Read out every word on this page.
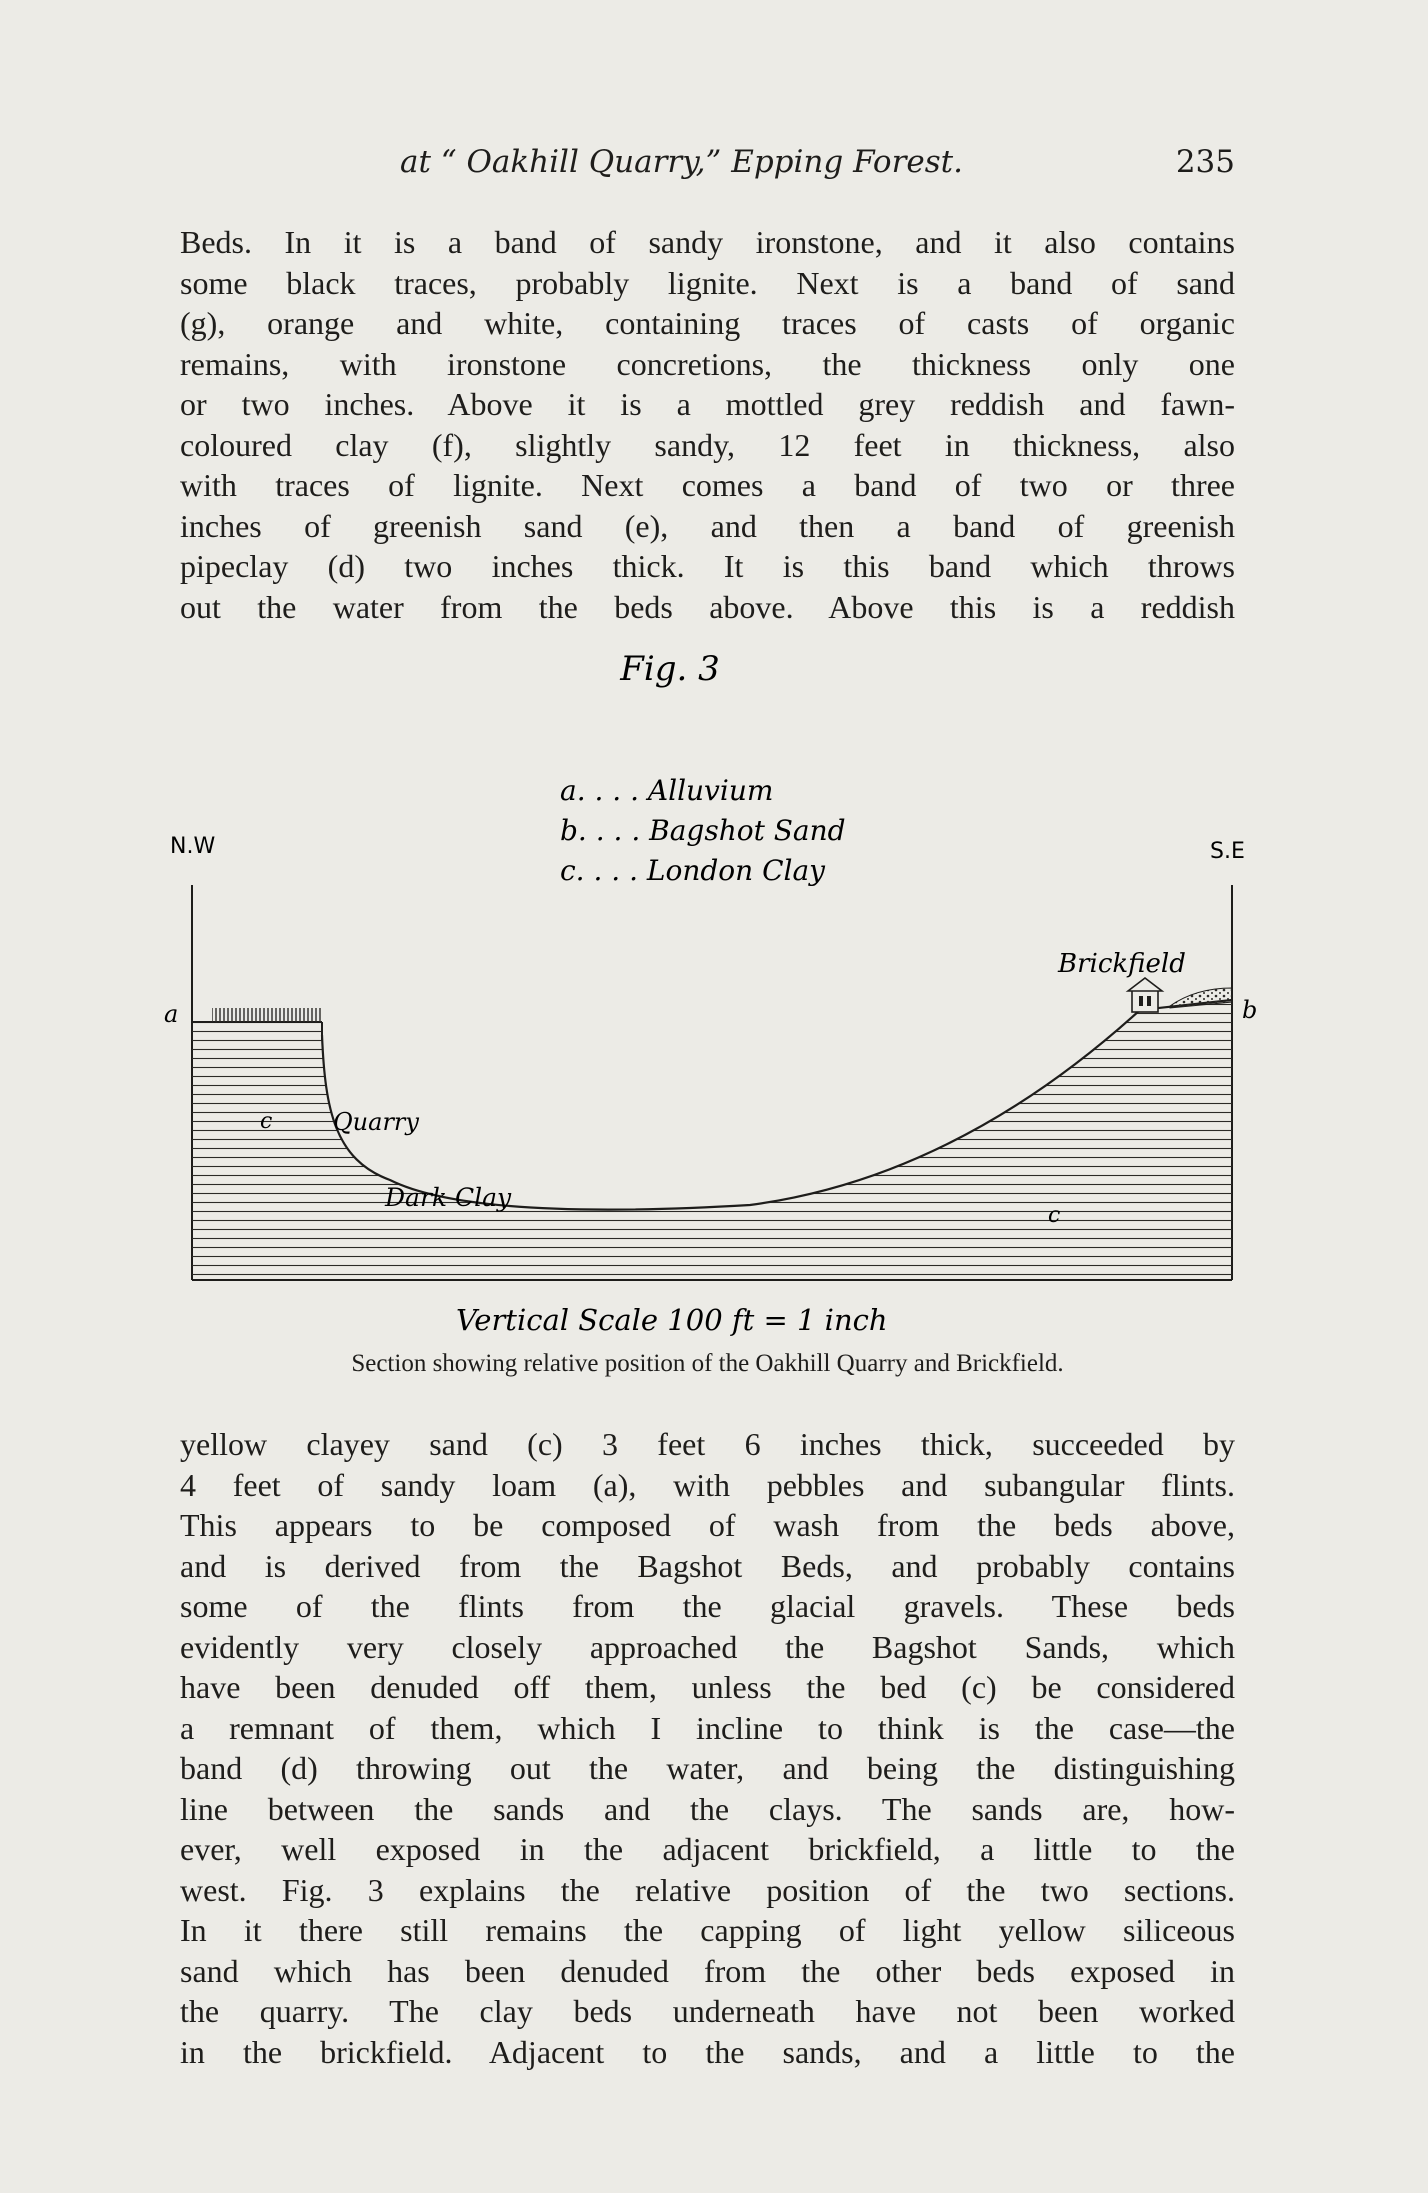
at “ Oakhill Quarry,” Epping Forest.	235

Beds. In it is a band of sandy ironstone, and it also contains
some black traces, probably lignite. Next is a band of sand
(g), orange and white, containing traces of casts of organic
remains, with ironstone concretions, the thickness only one
or two inches. Above it is a mottled grey reddish and fawn-
coloured clay (f), slightly sandy, 12 feet in thickness, also
with traces of lignite. Next comes a band of two or three
inches of greenish sand (e), and then a band of greenish
pipeclay (d) two inches thick. It is this band which throws
out the water from the beds above. Above this is a reddish

Fig. 3
a. . . . Alluvium
b. . . . Bagshot Sand
c. . . . London Clay
N.W	S.E
a	b
c
c
Quarry
Dark Clay
Brickfield
Vertical Scale 100 ft = 1 inch
Section showing relative position of the Oakhill Quarry and Brickfield.

yellow clayey sand (c) 3 feet 6 inches thick, succeeded by
4 feet of sandy loam (a), with pebbles and subangular flints.
This appears to be composed of wash from the beds above,
and is derived from the Bagshot Beds, and probably contains
some of the flints from the glacial gravels. These beds
evidently very closely approached the Bagshot Sands, which
have been denuded off them, unless the bed (c) be considered
a remnant of them, which I incline to think is the case—the
band (d) throwing out the water, and being the distinguishing
line between the sands and the clays. The sands are, how-
ever, well exposed in the adjacent brickfield, a little to the
west. Fig. 3 explains the relative position of the two sections.
In it there still remains the capping of light yellow siliceous
sand which has been denuded from the other beds exposed in
the quarry. The clay beds underneath have not been worked
in the brickfield. Adjacent to the sands, and a little to the
